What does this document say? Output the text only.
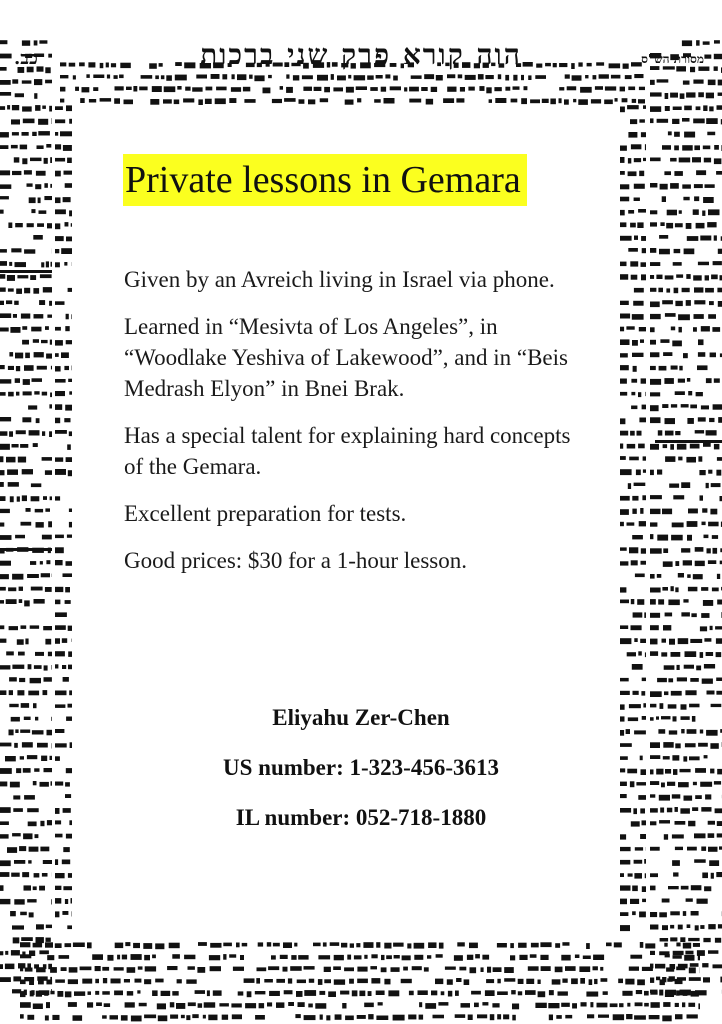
כב.	הוה קורא פרק שני ברכות	מסורת הש"ס
Private lessons in Gemara

Given by an Avreich living in Israel via phone.

Learned in “Mesivta of Los Angeles”, in “Woodlake Yeshiva of Lakewood”, and in “Beis Medrash Elyon” in Bnei Brak.

Has a special talent for explaining hard concepts of the Gemara.

Excellent preparation for tests.

Good prices: $30 for a 1-hour lesson.

Eliyahu Zer-Chen
US number: 1-323-456-3613
IL number: 052-718-1880
